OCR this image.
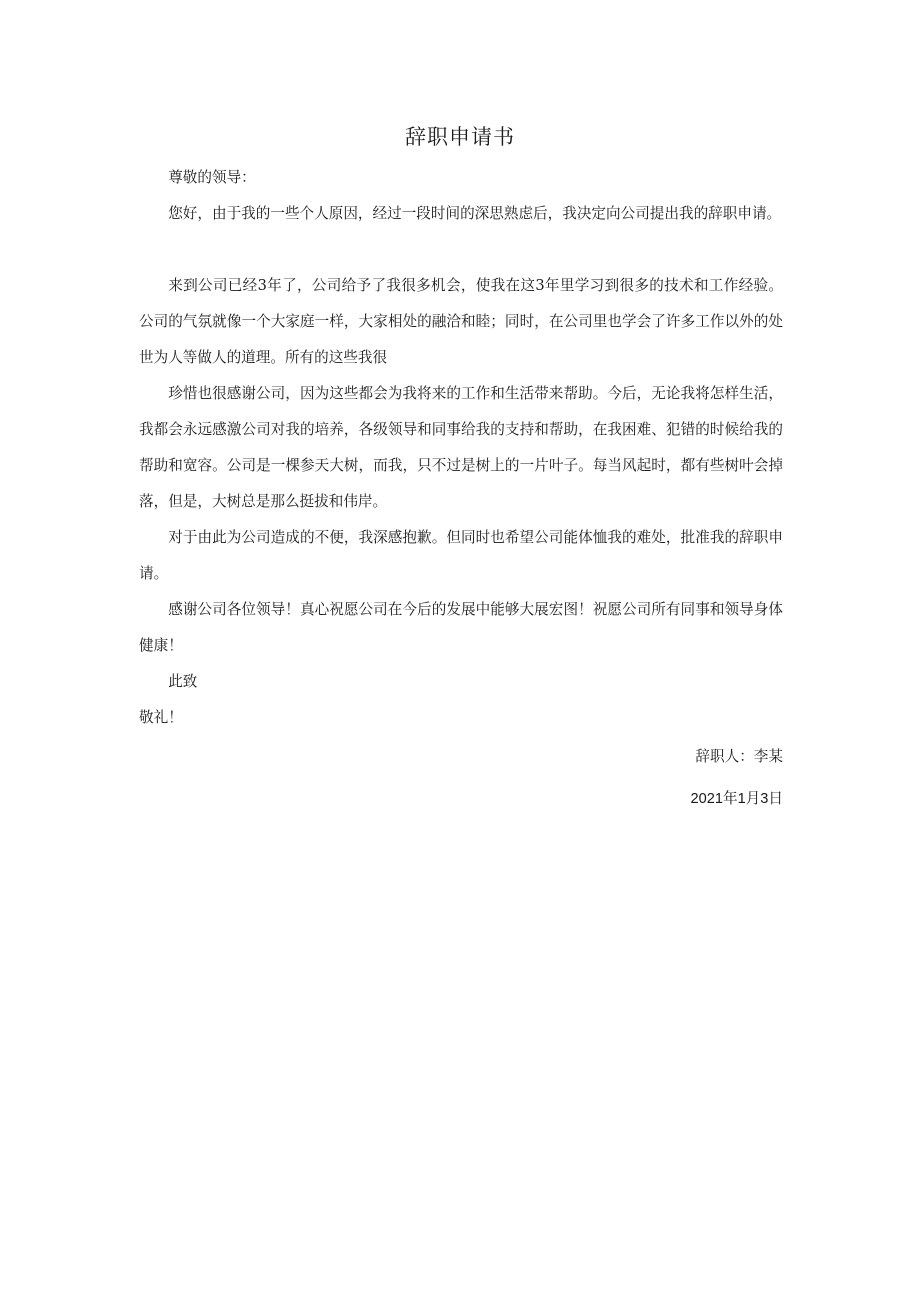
辞职申请书
尊敬的领导：
您好，由于我的一些个人原因，经过一段时间的深思熟虑后，我决定向公司提出我的辞职申请。
来到公司已经3年了，公司给予了我很多机会，使我在这3年里学习到很多的技术和工作经验。公司的气氛就像一个大家庭一样，大家相处的融洽和睦；同时，在公司里也学会了许多工作以外的处世为人等做人的道理。所有的这些我很
珍惜也很感谢公司，因为这些都会为我将来的工作和生活带来帮助。今后，无论我将怎样生活，我都会永远感激公司对我的培养，各级领导和同事给我的支持和帮助，在我困难、犯错的时候给我的帮助和宽容。公司是一棵参天大树，而我，只不过是树上的一片叶子。每当风起时，都有些树叶会掉落，但是，大树总是那么挺拔和伟岸。
对于由此为公司造成的不便，我深感抱歉。但同时也希望公司能体恤我的难处，批准我的辞职申请。
感谢公司各位领导！真心祝愿公司在今后的发展中能够大展宏图！祝愿公司所有同事和领导身体健康！
此致
敬礼！
辞职人：李某
2021年1月3日
